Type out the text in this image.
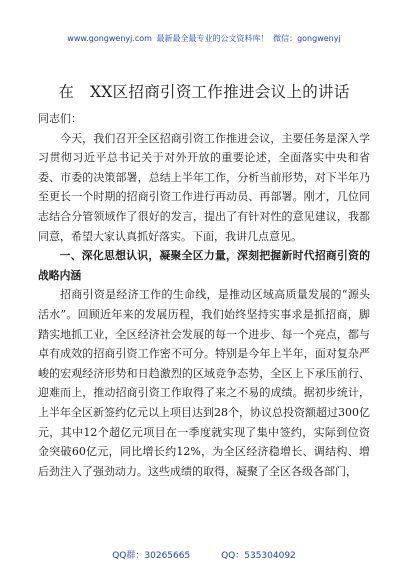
www.gongwenyj.com 最新最全最专业的公文资料库！ 微信：gongwenyj
在　XX区招商引资工作推进会议上的讲话

同志们：

今天，我们召开全区招商引资工作推进会议，主要任务是深入学习贯彻习近平总书记关于对外开放的重要论述，全面落实中央和省委、市委的决策部署，总结上半年工作，分析当前形势，对下半年乃至更长一个时期的招商引资工作进行再动员、再部署。刚才，几位同志结合分管领域作了很好的发言，提出了有针对性的意见建议，我都同意，希望大家认真抓好落实。下面，我讲几点意见。

一、深化思想认识，凝聚全区力量，深刻把握新时代招商引资的战略内涵

招商引资是经济工作的生命线，是推动区域高质量发展的“源头活水”。回顾近年来的发展历程，我们始终坚持实事求是抓招商，脚踏实地抓工业，全区经济社会发展的每一个进步、每一个亮点，都与卓有成效的招商引资工作密不可分。特别是今年上半年，面对复杂严峻的宏观经济形势和日趋激烈的区域竞争态势，全区上下承压前行、迎难而上，推动招商引资工作取得了来之不易的成绩。据初步统计，上半年全区新签约亿元以上项目达到28个，协议总投资额超过300亿元，其中12个超亿元项目在一季度就实现了集中签约，实际到位资金突破60亿元，同比增长约12%，为全区经济稳增长、调结构、增后劲注入了强劲动力。这些成绩的取得，凝聚了全区各级各部门，

QQ群：30265665	QQ：535304092
